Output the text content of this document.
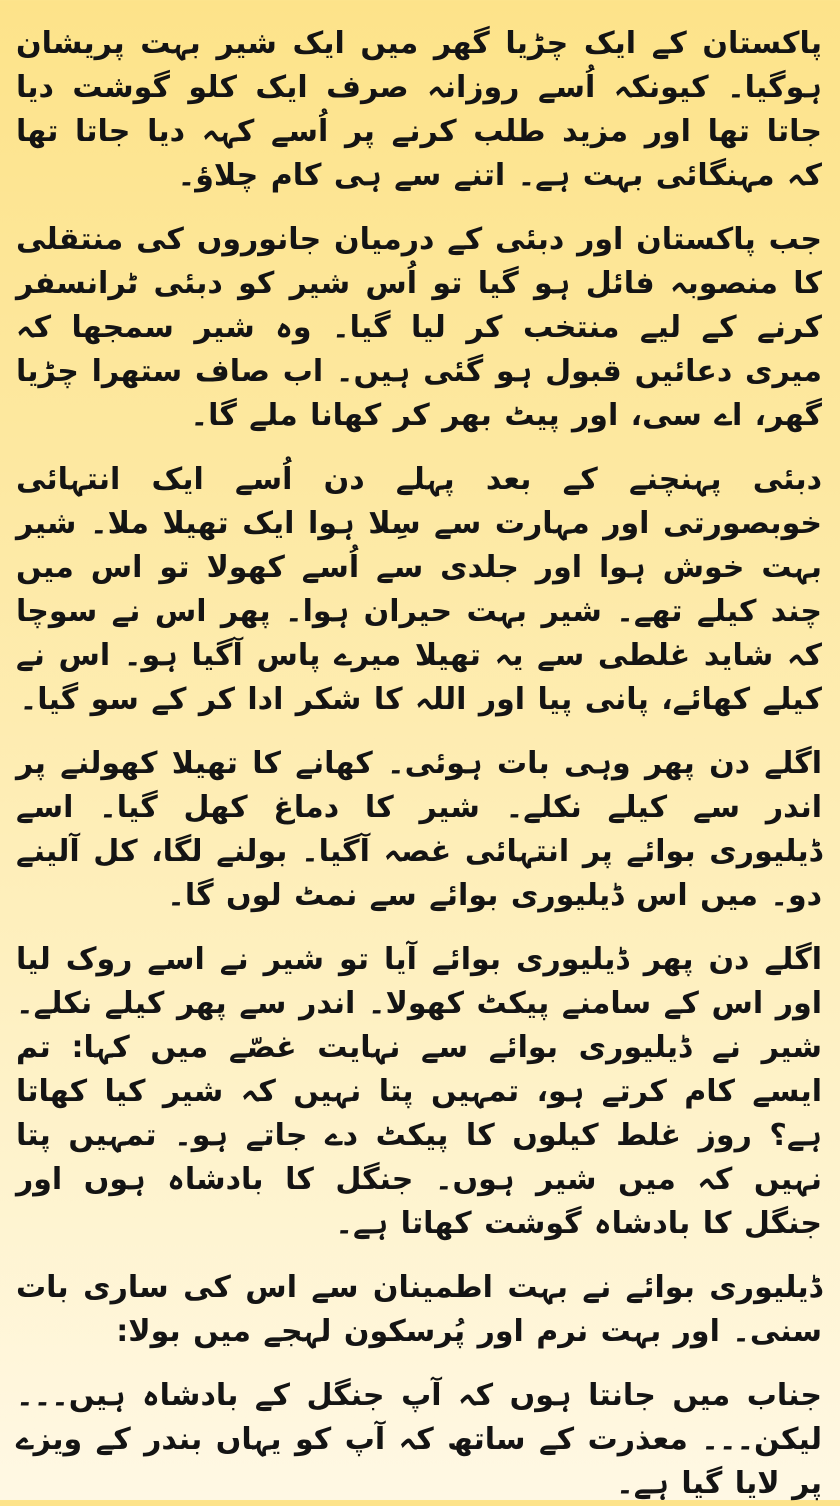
پاکستان کے ایک چڑیا گھر میں ایک شیر بہت پریشان ہوگیا۔ کیونکہ اُسے روزانہ صرف ایک کلو گوشت دیا جاتا تھا اور مزید طلب کرنے پر اُسے کہہ دیا جاتا تھا کہ مہنگائی بہت ہے۔ اتنے سے ہی کام چلاؤ۔

جب پاکستان اور دبئی کے درمیان جانوروں کی منتقلی کا منصوبہ فائل ہو گیا تو اُس شیر کو دبئی ٹرانسفر کرنے کے لیے منتخب کر لیا گیا۔ وہ شیر سمجھا کہ میری دعائیں قبول ہو گئی ہیں۔ اب صاف ستھرا چڑیا گھر، اے سی، اور پیٹ بھر کر کھانا ملے گا۔

دبئی پہنچنے کے بعد پہلے دن اُسے ایک انتہائی خوبصورتی اور مہارت سے سِلا ہوا ایک تھیلا ملا۔ شیر بہت خوش ہوا اور جلدی سے اُسے کھولا تو اس میں چند کیلے تھے۔ شیر بہت حیران ہوا۔ پھر اس نے سوچا کہ شاید غلطی سے یہ تھیلا میرے پاس آگیا ہو۔ اس نے کیلے کھائے، پانی پیا اور اللہ کا شکر ادا کر کے سو گیا۔

اگلے دن پھر وہی بات ہوئی۔ کھانے کا تھیلا کھولنے پر اندر سے کیلے نکلے۔ شیر کا دماغ کھل گیا۔ اسے ڈیلیوری بوائے پر انتہائی غصہ آگیا۔ بولنے لگا، کل آلینے دو۔ میں اس ڈیلیوری بوائے سے نمٹ لوں گا۔

اگلے دن پھر ڈیلیوری بوائے آیا تو شیر نے اسے روک لیا اور اس کے سامنے پیکٹ کھولا۔ اندر سے پھر کیلے نکلے۔ شیر نے ڈیلیوری بوائے سے نہایت غصّے میں کہا: تم ایسے کام کرتے ہو، تمہیں پتا نہیں کہ شیر کیا کھاتا ہے؟ روز غلط کیلوں کا پیکٹ دے جاتے ہو۔ تمہیں پتا نہیں کہ میں شیر ہوں۔ جنگل کا بادشاہ ہوں اور جنگل کا بادشاہ گوشت کھاتا ہے۔

ڈیلیوری بوائے نے بہت اطمینان سے اس کی ساری بات سنی۔ اور بہت نرم اور پُرسکون لہجے میں بولا:

جناب میں جانتا ہوں کہ آپ جنگل کے بادشاہ ہیں۔۔۔ لیکن۔۔۔ معذرت کے ساتھ کہ آپ کو یہاں بندر کے ویزے پر لایا گیا ہے۔
